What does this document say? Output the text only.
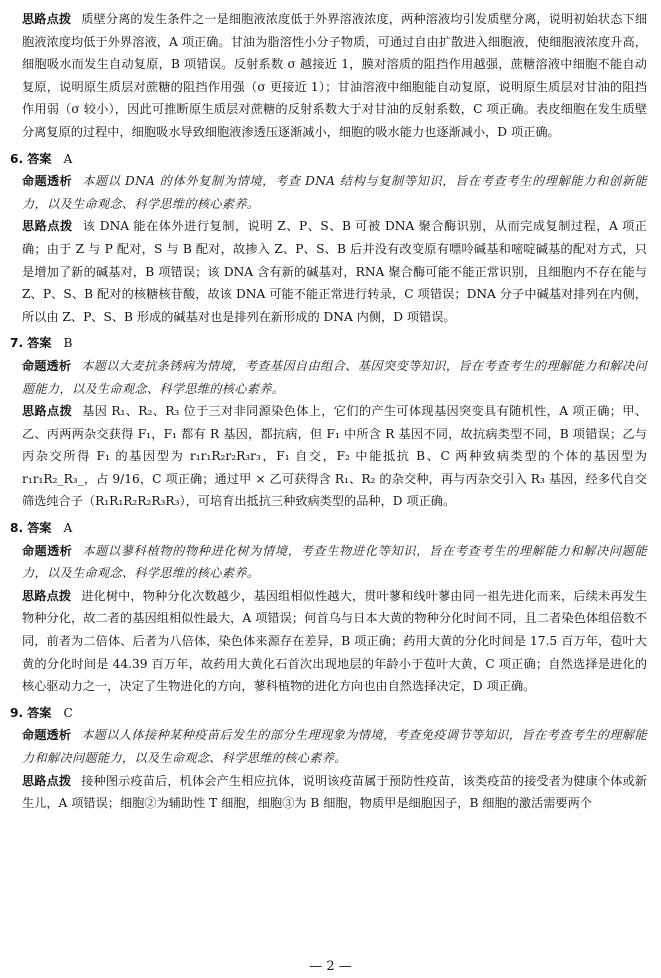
思路点拨 质壁分离的发生条件之一是细胞液浓度低于外界溶液浓度，两种溶液均引发质壁分离，说明初始状态下细胞液浓度均低于外界溶液，A 项正确。甘油为脂溶性小分子物质，可通过自由扩散进入细胞液，使细胞液浓度升高，细胞吸水而发生自动复原，B 项错误。反射系数 σ 越接近 1，膜对溶质的阻挡作用越强，蔗糖溶液中细胞不能自动复原，说明原生质层对蔗糖的阻挡作用强（σ 更接近 1）；甘油溶液中细胞能自动复原，说明原生质层对甘油的阻挡作用弱（σ 较小），因此可推断原生质层对蔗糖的反射系数大于对甘油的反射系数，C 项正确。表皮细胞在发生质壁分离复原的过程中，细胞吸水导致细胞液渗透压逐渐减小，细胞的吸水能力也逐渐减小，D 项正确。

6. 答案 A

命题透析 本题以 DNA 的体外复制为情境，考查 DNA 结构与复制等知识，旨在考查考生的理解能力和创新能力，以及生命观念、科学思维的核心素养。

思路点拨 该 DNA 能在体外进行复制，说明 Z、P、S、B 可被 DNA 聚合酶识别，从而完成复制过程，A 项正确；由于 Z 与 P 配对，S 与 B 配对，故掺入 Z、P、S、B 后并没有改变原有嘌呤碱基和嘧啶碱基的配对方式，只是增加了新的碱基对，B 项错误；该 DNA 含有新的碱基对，RNA 聚合酶可能不能正常识别，且细胞内不存在能与 Z、P、S、B 配对的核糖核苷酸，故该 DNA 可能不能正常进行转录，C 项错误；DNA 分子中碱基对排列在内侧，所以由 Z、P、S、B 形成的碱基对也是排列在新形成的 DNA 内侧，D 项错误。

7. 答案 B

命题透析 本题以大麦抗条锈病为情境，考查基因自由组合、基因突变等知识，旨在考查考生的理解能力和解决问题能力，以及生命观念、科学思维的核心素养。

思路点拨 基因 R₁、R₂、R₃ 位于三对非同源染色体上，它们的产生可体现基因突变具有随机性，A 项正确；甲、乙、丙两两杂交获得 F₁，F₁ 都有 R 基因，都抗病，但 F₁ 中所含 R 基因不同，故抗病类型不同，B 项错误；乙与丙杂交所得 F₁ 的基因型为 r₁r₁R₂r₂R₃r₃，F₁ 自交，F₂ 中能抵抗 B、C 两种致病类型的个体的基因型为 r₁r₁R₂_R₃_，占 9/16，C 项正确；通过甲 × 乙可获得含 R₁、R₂ 的杂交种，再与丙杂交引入 R₃ 基因，经多代自交筛选纯合子（R₁R₁R₂R₂R₃R₃），可培育出抵抗三种致病类型的品种，D 项正确。

8. 答案 A

命题透析 本题以蓼科植物的物种进化树为情境，考查生物进化等知识，旨在考查考生的理解能力和解决问题能力，以及生命观念、科学思维的核心素养。

思路点拨 进化树中，物种分化次数越少，基因组相似性越大，贯叶蓼和线叶蓼由同一祖先进化而来，后续未再发生物种分化，故二者的基因组相似性最大，A 项错误；何首乌与日本大黄的物种分化时间不同，且二者染色体组倍数不同，前者为二倍体、后者为八倍体，染色体来源存在差异，B 项正确；药用大黄的分化时间是 17.5 百万年，苞叶大黄的分化时间是 44.39 百万年，故药用大黄化石首次出现地层的年龄小于苞叶大黄，C 项正确；自然选择是进化的核心驱动力之一，决定了生物进化的方向，蓼科植物的进化方向也由自然选择决定，D 项正确。

9. 答案 C

命题透析 本题以人体接种某种疫苗后发生的部分生理现象为情境，考查免疫调节等知识，旨在考查考生的理解能力和解决问题能力，以及生命观念、科学思维的核心素养。

思路点拨 接种图示疫苗后，机体会产生相应抗体，说明该疫苗属于预防性疫苗，该类疫苗的接受者为健康个体或新生儿，A 项错误；细胞②为辅助性 T 细胞，细胞③为 B 细胞，物质甲是细胞因子，B 细胞的激活需要两个

— 2 —
